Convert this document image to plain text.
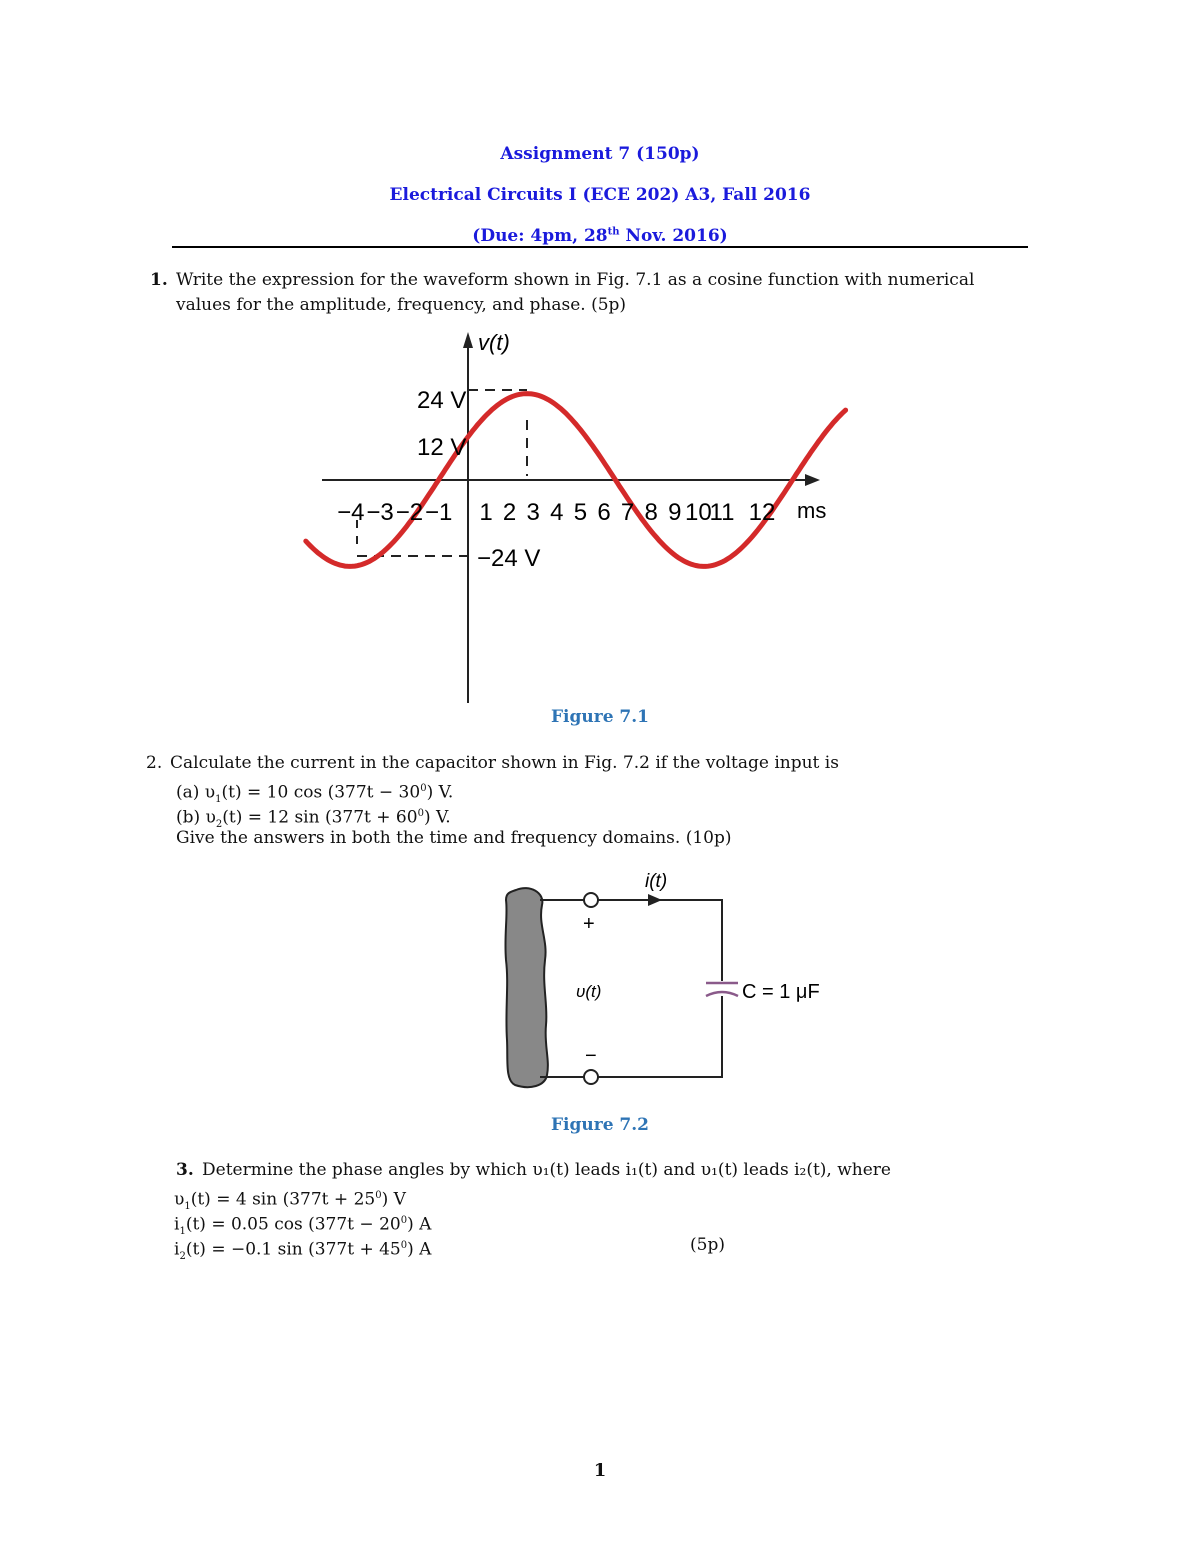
Assignment 7 (150p)
Electrical Circuits I (ECE 202) A3, Fall 2016
(Due: 4pm, 28th Nov. 2016)
1. Write the expression for the waveform shown in Fig. 7.1 as a cosine function with numerical
values for the amplitude, frequency, and phase. (5p)
v(t)
24 V
12 V
−24 V
ms
−4 −3 −2 −1 1 2 3 4 5 6 7 8 9 10
11 12
Figure 7.1
2. Calculate the current in the capacitor shown in Fig. 7.2 if the voltage input is
(a) $\upsilon_1(t) = 10$ $\cos (377t - 30^0)$ V.
(b) $\upsilon_2(t) = 12$ $\sin (377t + 60^0)$ V.
Give the answers in both the time and frequency domains. (10p)
i(t)
+
υ(t)
−
C = 1 μF
Figure 7.2
3. Determine the phase angles by which υ₁(t) leads i₁(t) and υ₁(t) leads i₂(t), where
$\upsilon_1(t) = 4$ $\sin (377t + 25^0)$ V
$i_1(t) = 0.05$ $\cos (377t - 20^0)$ A
$i_2(t) = -0.1$ $\sin (377t + 45^0)$ A	(5p)
1
